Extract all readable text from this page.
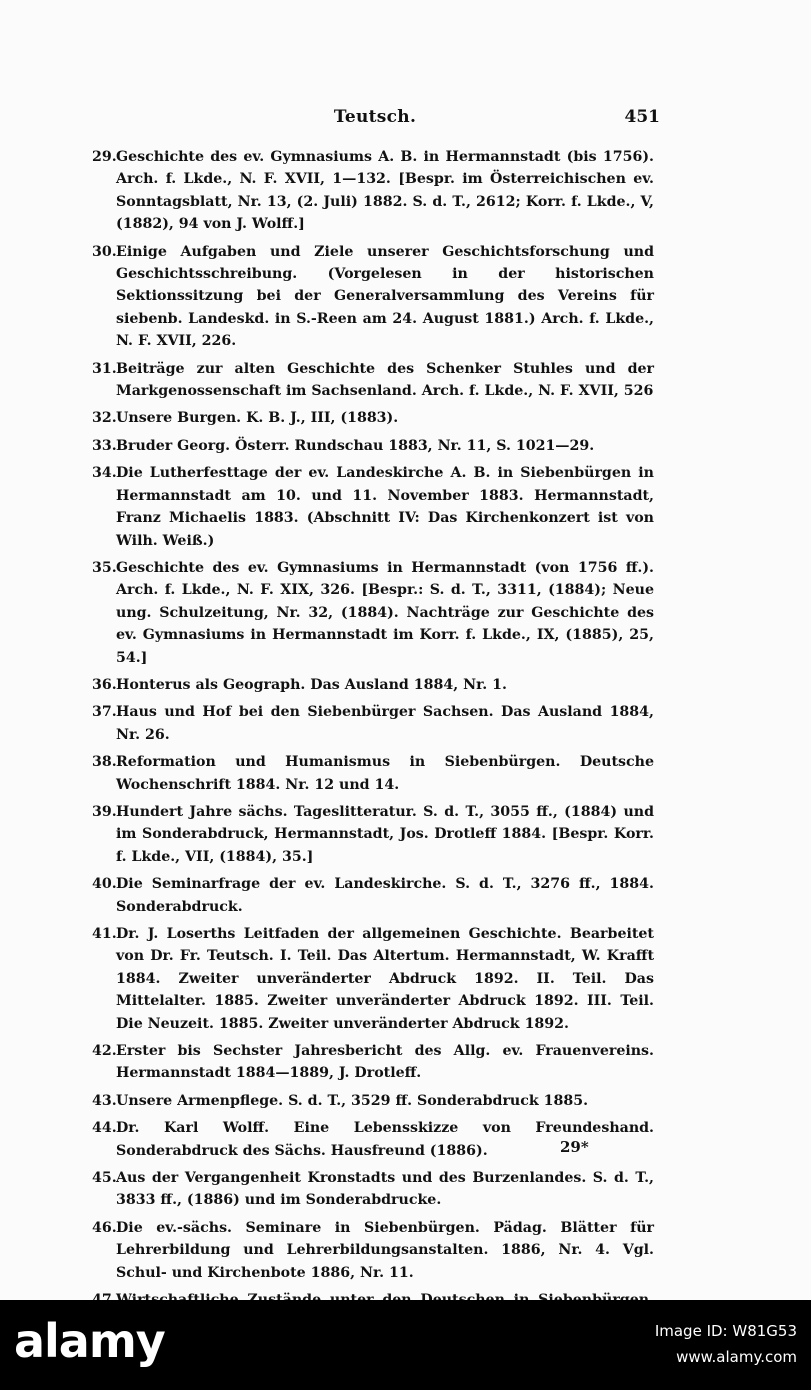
Teutsch.	451
29.Geschichte des ev. Gymnasiums A. B. in Hermannstadt (bis 1756). Arch. f. Lkde., N. F. XVII, 1—132. [Bespr. im Österreichischen ev. Sonntagsblatt, Nr. 13, (2. Juli) 1882. S. d. T., 2612; Korr. f. Lkde., V, (1882), 94 von J. Wolff.]
30.Einige Aufgaben und Ziele unserer Geschichtsforschung und Geschichtsschreibung. (Vorgelesen in der historischen Sektionssitzung bei der Generalversammlung des Vereins für siebenb. Landeskd. in S.-Reen am 24. August 1881.) Arch. f. Lkde., N. F. XVII, 226.
31.Beiträge zur alten Geschichte des Schenker Stuhles und der Markgenossenschaft im Sachsenland. Arch. f. Lkde., N. F. XVII, 526
32.Unsere Burgen. K. B. J., III, (1883).
33.Bruder Georg. Österr. Rundschau 1883, Nr. 11, S. 1021—29.
34.Die Lutherfesttage der ev. Landeskirche A. B. in Siebenbürgen in Hermannstadt am 10. und 11. November 1883. Hermannstadt, Franz Michaelis 1883. (Abschnitt IV: Das Kirchenkonzert ist von Wilh. Weiß.)
35.Geschichte des ev. Gymnasiums in Hermannstadt (von 1756 ff.). Arch. f. Lkde., N. F. XIX, 326. [Bespr.: S. d. T., 3311, (1884); Neue ung. Schulzeitung, Nr. 32, (1884). Nachträge zur Geschichte des ev. Gymnasiums in Hermannstadt im Korr. f. Lkde., IX, (1885), 25, 54.]
36.Honterus als Geograph. Das Ausland 1884, Nr. 1.
37.Haus und Hof bei den Siebenbürger Sachsen. Das Ausland 1884, Nr. 26.
38.Reformation und Humanismus in Siebenbürgen. Deutsche Wochenschrift 1884. Nr. 12 und 14.
39.Hundert Jahre sächs. Tageslitteratur. S. d. T., 3055 ff., (1884) und im Sonderabdruck, Hermannstadt, Jos. Drotleff 1884. [Bespr. Korr. f. Lkde., VII, (1884), 35.]
40.Die Seminarfrage der ev. Landeskirche. S. d. T., 3276 ff., 1884. Sonderabdruck.
41.Dr. J. Loserths Leitfaden der allgemeinen Geschichte. Bearbeitet von Dr. Fr. Teutsch. I. Teil. Das Altertum. Hermannstadt, W. Krafft 1884. Zweiter unveränderter Abdruck 1892. II. Teil. Das Mittelalter. 1885. Zweiter unveränderter Abdruck 1892. III. Teil. Die Neuzeit. 1885. Zweiter unveränderter Abdruck 1892.
42.Erster bis Sechster Jahresbericht des Allg. ev. Frauenvereins. Hermannstadt 1884—1889, J. Drotleff.
43.Unsere Armenpflege. S. d. T., 3529 ff. Sonderabdruck 1885.
44.Dr. Karl Wolff. Eine Lebensskizze von Freundeshand. Sonderabdruck des Sächs. Hausfreund (1886).
45.Aus der Vergangenheit Kronstadts und des Burzenlandes. S. d. T., 3833 ff., (1886) und im Sonderabdrucke.
46.Die ev.-sächs. Seminare in Siebenbürgen. Pädag. Blätter für Lehrerbildung und Lehrerbildungsanstalten. 1886, Nr. 4. Vgl. Schul- und Kirchenbote 1886, Nr. 11.
29*
alamy	Image ID: W81G53
www.alamy.com
